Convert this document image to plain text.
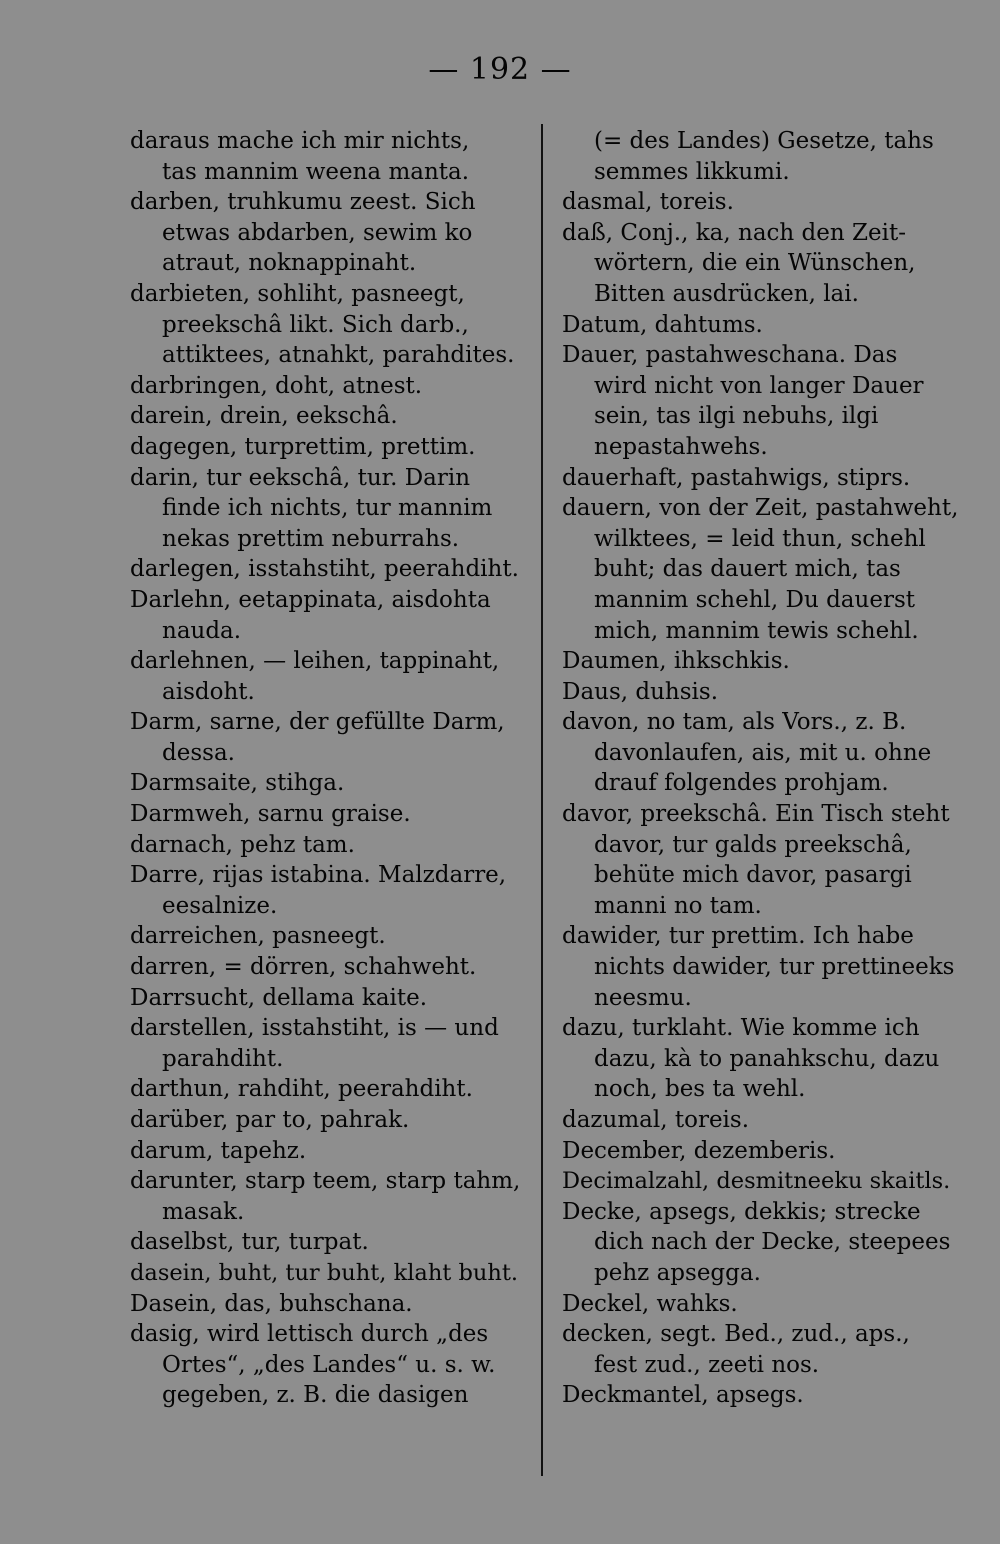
— 192 —
daraus mache ich mir nichts,
tas mannim weena manta.
darben, truhkumu zeest. Sich
etwas abdarben, sewim ko
atraut, noknappinaht.
darbieten, sohliht, pasneegt,
preekschâ likt. Sich darb.,
attiktees, atnahkt, parahdites.
darbringen, doht, atnest.
darein, drein, eekschâ.
dagegen, turprettim, prettim.
darin, tur eekschâ, tur. Darin
finde ich nichts, tur mannim
nekas prettim neburrahs.
darlegen, isstahstiht, peerahdiht.
Darlehn, eetappinata, aisdohta
nauda.
darlehnen, — leihen, tappinaht,
aisdoht.
Darm, sarne, der gefüllte Darm,
dessa.
Darmsaite, stihga.
Darmweh, sarnu graise.
darnach, pehz tam.
Darre, rijas istabina. Malzdarre,
eesalnize.
darreichen, pasneegt.
darren, = dörren, schahweht.
Darrsucht, dellama kaite.
darstellen, isstahstiht, is — und
parahdiht.
darthun, rahdiht, peerahdiht.
darüber, par to, pahrak.
darum, tapehz.
darunter, starp teem, starp tahm,
masak.
daselbst, tur, turpat.
dasein, buht, tur buht, klaht buht.
Dasein, das, buhschana.
dasig, wird lettisch durch „des
Ortes“, „des Landes“ u. s. w.
gegeben, z. B. die dasigen
(= des Landes) Gesetze, tahs
semmes likkumi.
dasmal, toreis.
daß, Conj., ka, nach den Zeit-
wörtern, die ein Wünschen,
Bitten ausdrücken, lai.
Datum, dahtums.
Dauer, pastahweschana. Das
wird nicht von langer Dauer
sein, tas ilgi nebuhs, ilgi
nepastahwehs.
dauerhaft, pastahwigs, stiprs.
dauern, von der Zeit, pastahweht,
wilktees, = leid thun, schehl
buht; das dauert mich, tas
mannim schehl, Du dauerst
mich, mannim tewis schehl.
Daumen, ihkschkis.
Daus, duhsis.
davon, no tam, als Vors., z. B.
davonlaufen, ais, mit u. ohne
drauf folgendes prohjam.
davor, preekschâ. Ein Tisch steht
davor, tur galds preekschâ,
behüte mich davor, pasargi
manni no tam.
dawider, tur prettim. Ich habe
nichts dawider, tur prettineeks
neesmu.
dazu, turklaht. Wie komme ich
dazu, kà to panahkschu, dazu
noch, bes ta wehl.
dazumal, toreis.
December, dezemberis.
Decimalzahl, desmitneeku skaitls.
Decke, apsegs, dekkis; strecke
dich nach der Decke, steepees
pehz apsegga.
Deckel, wahks.
decken, segt. Bed., zud., aps.,
fest zud., zeeti nos.
Deckmantel, apsegs.
